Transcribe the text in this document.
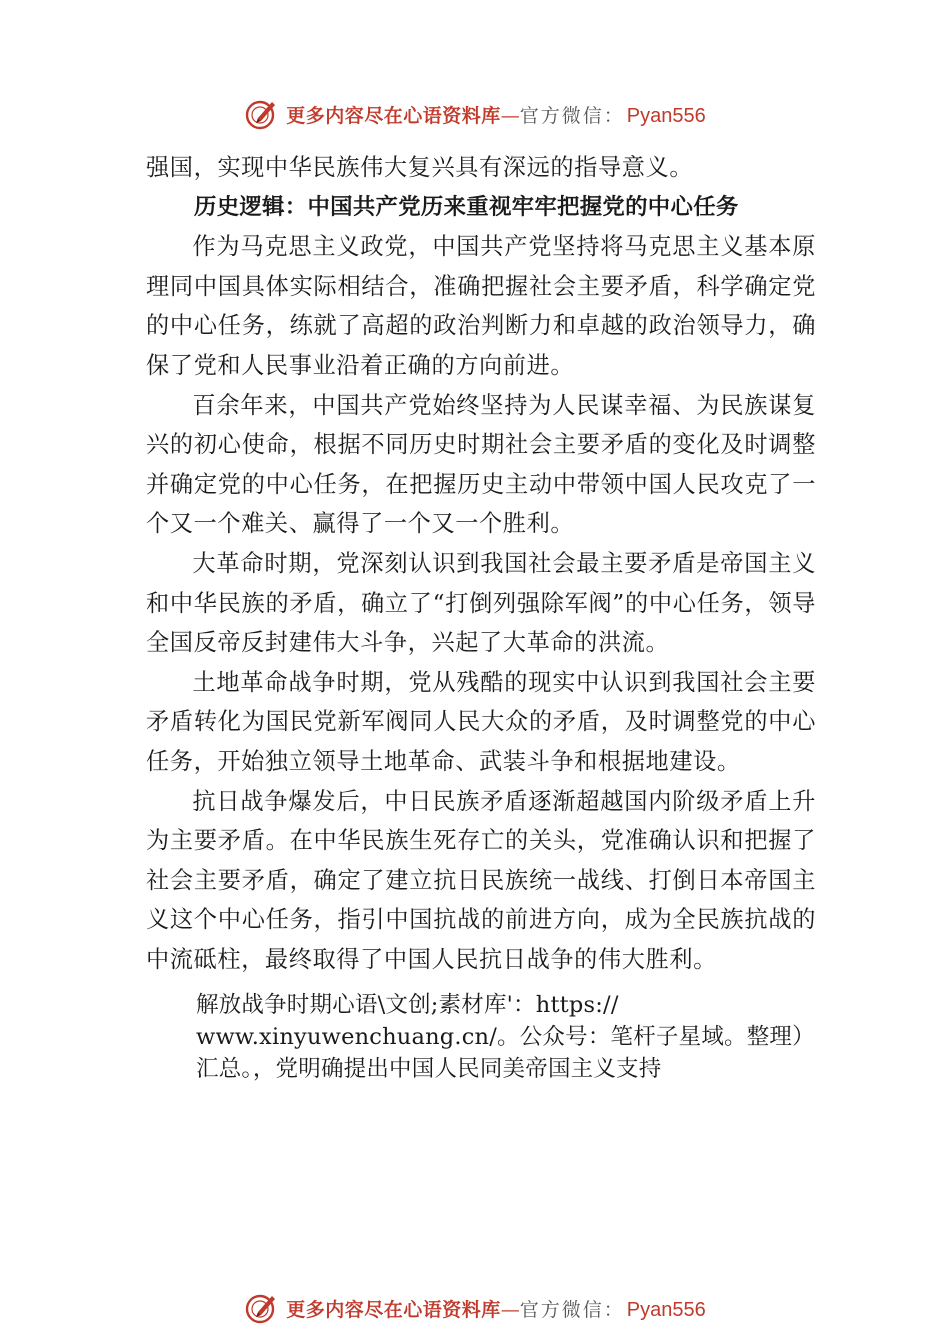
更多内容尽在心语资料库 — 官方微信： Pyan556

强国，实现中华民族伟大复兴具有深远的指导意义。

历史逻辑：中国共产党历来重视牢牢把握党的中心任务

作为马克思主义政党，中国共产党坚持将马克思主义基本原理同中国具体实际相结合，准确把握社会主要矛盾，科学确定党的中心任务，练就了高超的政治判断力和卓越的政治领导力，确保了党和人民事业沿着正确的方向前进。

百余年来，中国共产党始终坚持为人民谋幸福、为民族谋复兴的初心使命，根据不同历史时期社会主要矛盾的变化及时调整并确定党的中心任务，在把握历史主动中带领中国人民攻克了一个又一个难关、赢得了一个又一个胜利。

大革命时期，党深刻认识到我国社会最主要矛盾是帝国主义和中华民族的矛盾，确立了“打倒列强除军阀”的中心任务，领导全国反帝反封建伟大斗争，兴起了大革命的洪流。

土地革命战争时期，党从残酷的现实中认识到我国社会主要矛盾转化为国民党新军阀同人民大众的矛盾，及时调整党的中心任务，开始独立领导土地革命、武装斗争和根据地建设。

抗日战争爆发后，中日民族矛盾逐渐超越国内阶级矛盾上升为主要矛盾。在中华民族生死存亡的关头，党准确认识和把握了社会主要矛盾，确定了建立抗日民族统一战线、打倒日本帝国主义这个中心任务，指引中国抗战的前进方向，成为全民族抗战的中流砥柱，最终取得了中国人民抗日战争的伟大胜利。

解放战争时期心语\文创;素材库'：https://
www.xinyuwenchuang.cn/。公众号：笔杆子星域。整理）
汇总。，党明确提出中国人民同美帝国主义支持
更多内容尽在心语资料库 — 官方微信： Pyan556
